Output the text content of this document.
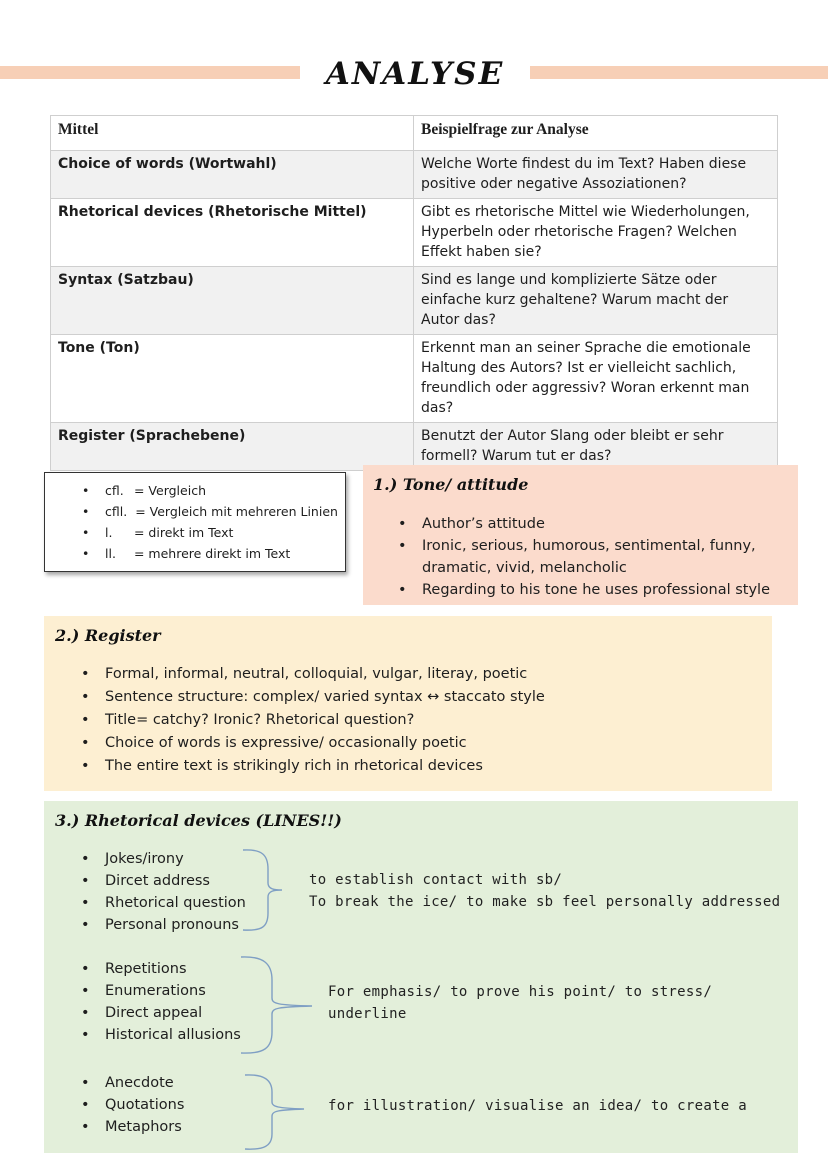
ANALYSE
Mittel	Beispielfrage zur Analyse
Choice of words (Wortwahl)	Welche Worte findest du im Text? Haben diese positive oder negative Assoziationen?
Rhetorical devices (Rhetorische Mittel)	Gibt es rhetorische Mittel wie Wiederholungen, Hyperbeln oder rhetorische Fragen? Welchen Effekt haben sie?
Syntax (Satzbau)	Sind es lange und komplizierte Sätze oder einfache kurz gehaltene? Warum macht der Autor das?
Tone (Ton)	Erkennt man an seiner Sprache die emotionale Haltung des Autors? Ist er vielleicht sachlich, freundlich oder aggressiv? Woran erkennt man das?
Register (Sprachebene)	Benutzt der Autor Slang oder bleibt er sehr formell? Warum tut er das?
• cfl. = Vergleich
• cfll. = Vergleich mit mehreren Linien
• l. = direkt im Text
• ll. = mehrere direkt im Text
1.) Tone/ attitude
• Author’s attitude
• Ironic, serious, humorous, sentimental, funny, dramatic, vivid, melancholic
• Regarding to his tone he uses professional style
2.) Register
• Formal, informal, neutral, colloquial, vulgar, literay, poetic
• Sentence structure: complex/ varied syntax ↔ staccato style
• Title= catchy? Ironic? Rhetorical question?
• Choice of words is expressive/ occasionally poetic
• The entire text is strikingly rich in rhetorical devices
3.) Rhetorical devices (LINES!!)
• Jokes/irony
• Dircet address
• Rhetorical question
• Personal pronouns
to establish contact with sb/
To break the ice/ to make sb feel personally addressed
• Repetitions
• Enumerations
• Direct appeal
• Historical allusions
For emphasis/ to prove his point/ to stress/ underline
• Anecdote
• Quotations
• Metaphors
for illustration/ visualise an idea/ to create a
